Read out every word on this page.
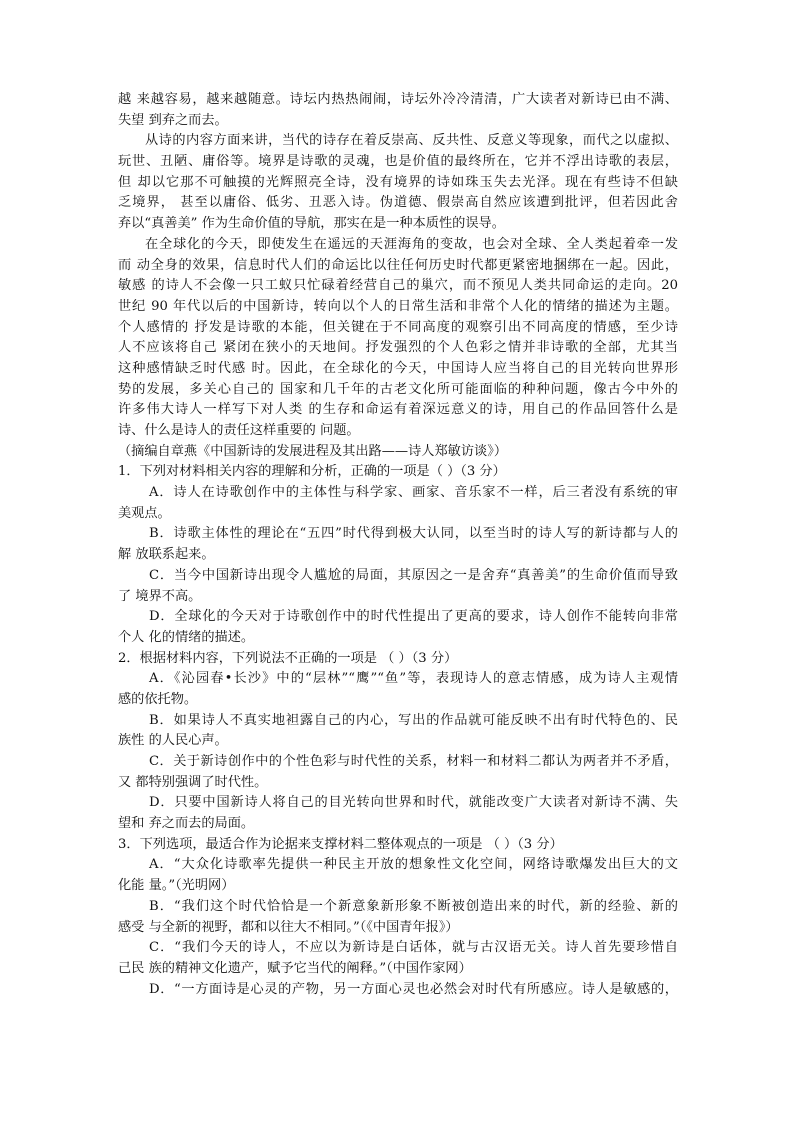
越 来越容易，越来越随意。诗坛内热热闹闹，诗坛外冷冷清清，广大读者对新诗已由不满、
失望 到弃之而去。
从诗的内容方面来讲，当代的诗存在着反崇高、反共性、反意义等现象，而代之以虚拟、
玩世、丑陋、庸俗等。境界是诗歌的灵魂，也是价值的最终所在，它并不浮出诗歌的表层，
但 却以它那不可触摸的光辉照亮全诗，没有境界的诗如珠玉失去光泽。现在有些诗不但缺
乏境界， 甚至以庸俗、低劣、丑恶入诗。伪道德、假崇高自然应该遭到批评，但若因此舍
弃以“真善美” 作为生命价值的导航，那实在是一种本质性的误导。
在全球化的今天，即使发生在遥远的天涯海角的变故，也会对全球、全人类起着牵一发
而 动全身的效果，信息时代人们的命运比以往任何历史时代都更紧密地捆绑在一起。因此，
敏感 的诗人不会像一只工蚁只忙碌着经营自己的巢穴，而不预见人类共同命运的走向。20
世纪 90 年代以后的中国新诗，转向以个人的日常生活和非常个人化的情绪的描述为主题。
个人感情的 抒发是诗歌的本能，但关键在于不同高度的观察引出不同高度的情感，至少诗
人不应该将自己 紧闭在狭小的天地间。抒发强烈的个人色彩之情并非诗歌的全部，尤其当
这种感情缺乏时代感 时。因此，在全球化的今天，中国诗人应当将自己的目光转向世界形
势的发展，多关心自己的 国家和几千年的古老文化所可能面临的种种问题，像古今中外的
许多伟大诗人一样写下对人类 的生存和命运有着深远意义的诗，用自己的作品回答什么是
诗、什么是诗人的责任这样重要的 问题。
（摘编自章燕《中国新诗的发展进程及其出路——诗人郑敏访谈》）
1．下列对材料相关内容的理解和分析，正确的一项是（ ）（3 分）
A．诗人在诗歌创作中的主体性与科学家、画家、音乐家不一样，后三者没有系统的审
美观点。
B．诗歌主体性的理论在“五四”时代得到极大认同，以至当时的诗人写的新诗都与人的
解 放联系起来。
C．当今中国新诗出现令人尴尬的局面，其原因之一是舍弃“真善美”的生命价值而导致
了 境界不高。
D．全球化的今天对于诗歌创作中的时代性提出了更高的要求，诗人创作不能转向非常
个人 化的情绪的描述。
2．根据材料内容，下列说法不正确的一项是 （ ）（3 分）
A．《沁园春•长沙》中的“层林”“鹰”“鱼”等，表现诗人的意志情感，成为诗人主观情
感的依托物。
B．如果诗人不真实地袒露自己的内心，写出的作品就可能反映不出有时代特色的、民
族性 的人民心声。
C．关于新诗创作中的个性色彩与时代性的关系，材料一和材料二都认为两者并不矛盾，
又 都特别强调了时代性。
D．只要中国新诗人将自己的目光转向世界和时代，就能改变广大读者对新诗不满、失
望和 弃之而去的局面。
3．下列选项，最适合作为论据来支撑材料二整体观点的一项是 （ ）（3 分）
A．“大众化诗歌率先提供一种民主开放的想象性文化空间，网络诗歌爆发出巨大的文
化能 量。”（光明网）
B．“我们这个时代恰恰是一个新意象新形象不断被创造出来的时代，新的经验、新的
感受 与全新的视野，都和以往大不相同。”（《中国青年报》）
C．“我们今天的诗人，不应以为新诗是白话体，就与古汉语无关。诗人首先要珍惜自
己民 族的精神文化遗产，赋予它当代的阐释。”（中国作家网）
D．“一方面诗是心灵的产物，另一方面心灵也必然会对时代有所感应。诗人是敏感的，
